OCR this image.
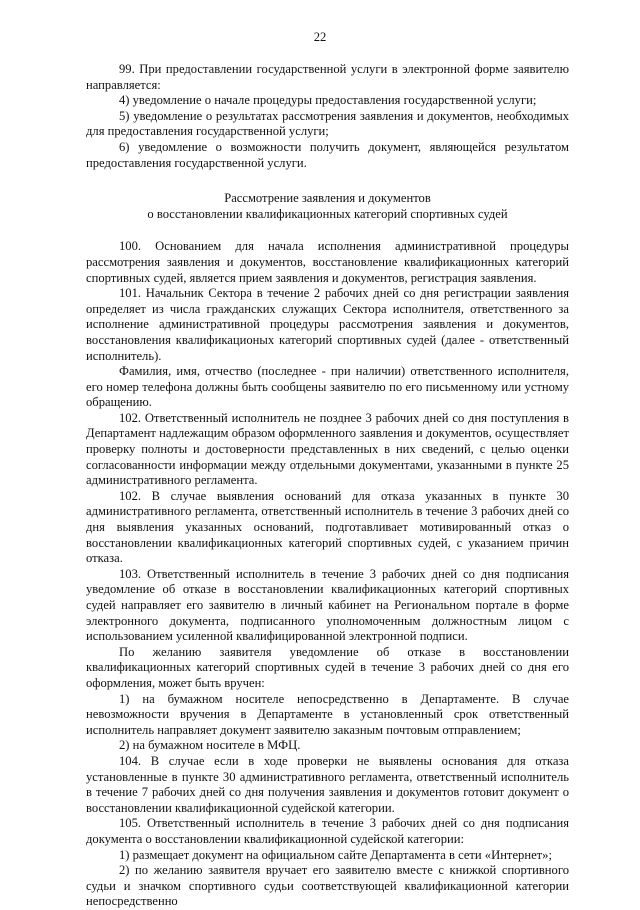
22

99. При предоставлении государственной услуги в электронной форме заявителю направляется:

4) уведомление о начале процедуры предоставления государственной услуги;

5) уведомление о результатах рассмотрения заявления и документов, необходимых для предоставления государственной услуги;

6) уведомление о возможности получить документ, являющейся результатом предоставления государственной услуги.

Рассмотрение заявления и документов

о восстановлении квалификационных категорий спортивных судей

100. Основанием для начала исполнения административной процедуры рассмотрения заявления и документов, восстановление квалификационных категорий спортивных судей, является прием заявления и документов, регистрация заявления.

101. Начальник Сектора в течение 2 рабочих дней со дня регистрации заявления определяет из числа гражданских служащих Сектора исполнителя, ответственного за исполнение административной процедуры рассмотрения заявления и документов, восстановления квалификационых категорий спортивных судей (далее - ответственный исполнитель).

Фамилия, имя, отчество (последнее - при наличии) ответственного исполнителя, его номер телефона должны быть сообщены заявителю по его письменному или устному обращению.

102. Ответственный исполнитель не позднее 3 рабочих дней со дня поступления в Департамент надлежащим образом оформленного заявления и документов, осуществляет проверку полноты и достоверности представленных в них сведений, с целью оценки согласованности информации между отдельными документами, указанными в пункте 25 административного регламента.

102. В случае выявления оснований для отказа указанных в пункте 30 административного регламента, ответственный исполнитель в течение 3 рабочих дней со дня выявления указанных оснований, подготавливает мотивированный отказ о восстановлении квалификационных категорий спортивных судей, с указанием причин отказа.

103. Ответственный исполнитель в течение 3 рабочих дней со дня подписания уведомление об отказе в восстановлении квалификационных категорий спортивных судей направляет его заявителю в личный кабинет на Региональном портале в форме электронного документа, подписанного уполномоченным должностным лицом с использованием усиленной квалифицированной электронной подписи.

По желанию заявителя уведомление об отказе в восстановлении квалификационных категорий спортивных судей в течение 3 рабочих дней со дня его оформления, может быть вручен:

1) на бумажном носителе непосредственно в Департаменте. В случае невозможности вручения в Департаменте в установленный срок ответственный исполнитель направляет документ заявителю заказным почтовым отправлением;

2) на бумажном носителе в МФЦ.

104. В случае если в ходе проверки не выявлены основания для отказа установленные в пункте 30 административного регламента, ответственный исполнитель в течение 7 рабочих дней со дня получения заявления и документов готовит документ о восстановлении квалификационной судейской категории.

105. Ответственный исполнитель в течение 3 рабочих дней со дня подписания документа о восстановлении квалификационной судейской категории:

1) размещает документ на официальном сайте Департамента в сети «Интернет»;

2) по желанию заявителя вручает его заявителю вместе с книжкой спортивного судьи и значком спортивного судьи соответствующей квалификационной категории непосредственно
